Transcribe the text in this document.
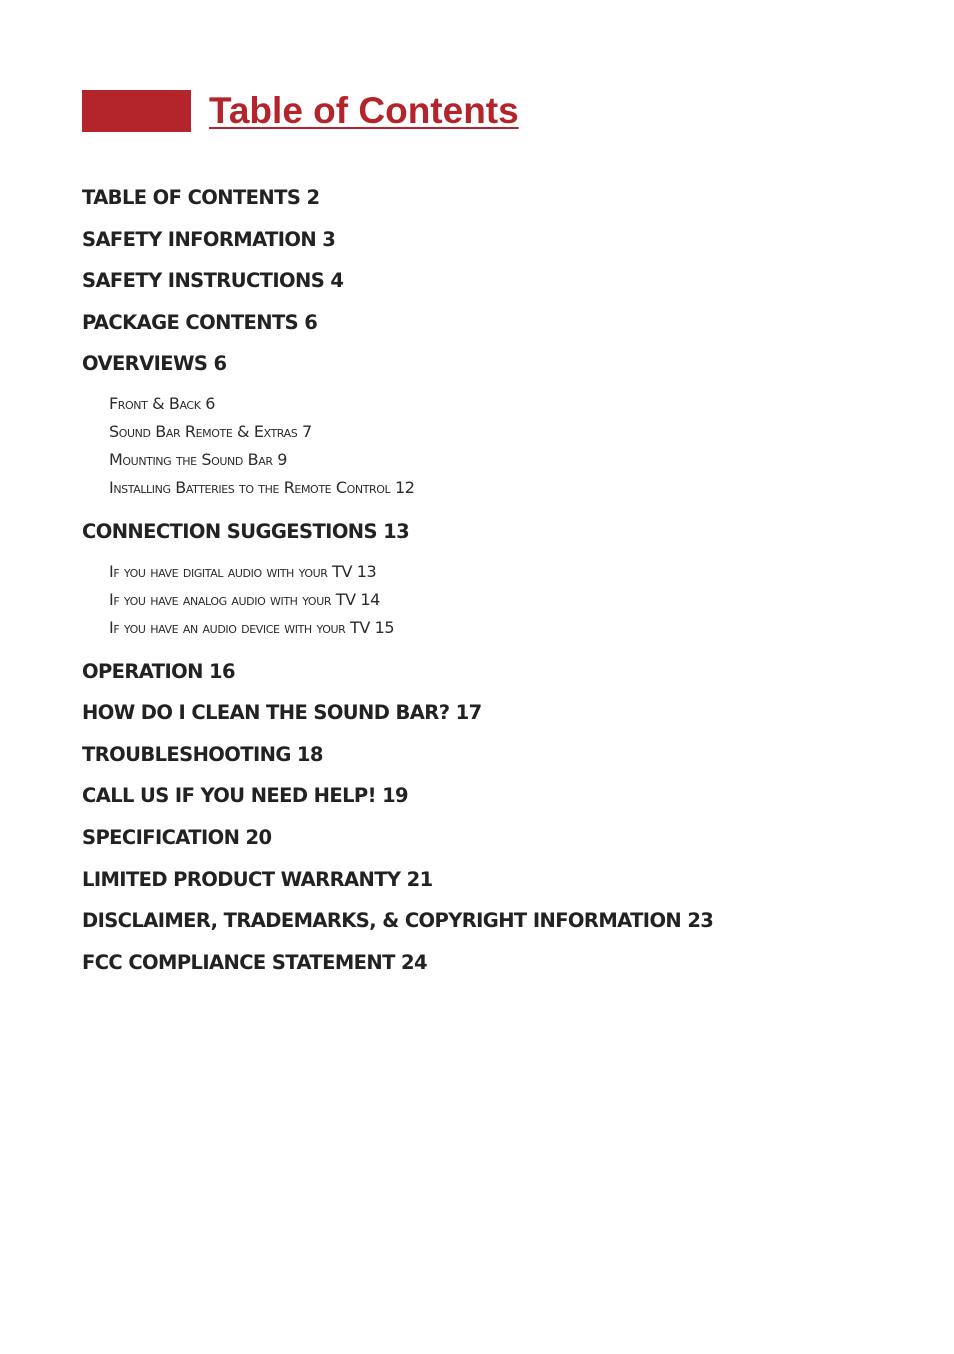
Table of Contents
TABLE OF CONTENTS 2
SAFETY INFORMATION 3
SAFETY INSTRUCTIONS 4
PACKAGE CONTENTS 6
OVERVIEWS 6
Front & Back 6
Sound Bar Remote & Extras 7
Mounting the Sound Bar 9
Installing Batteries to the Remote Control 12
CONNECTION SUGGESTIONS 13
If you have digital audio with your TV 13
If you have analog audio with your TV 14
If you have an audio device with your TV 15
OPERATION 16
HOW DO I CLEAN THE SOUND BAR? 17
TROUBLESHOOTING 18
CALL US IF YOU NEED HELP! 19
SPECIFICATION 20
LIMITED PRODUCT WARRANTY 21
DISCLAIMER, TRADEMARKS, & COPYRIGHT INFORMATION 23
FCC COMPLIANCE STATEMENT 24
